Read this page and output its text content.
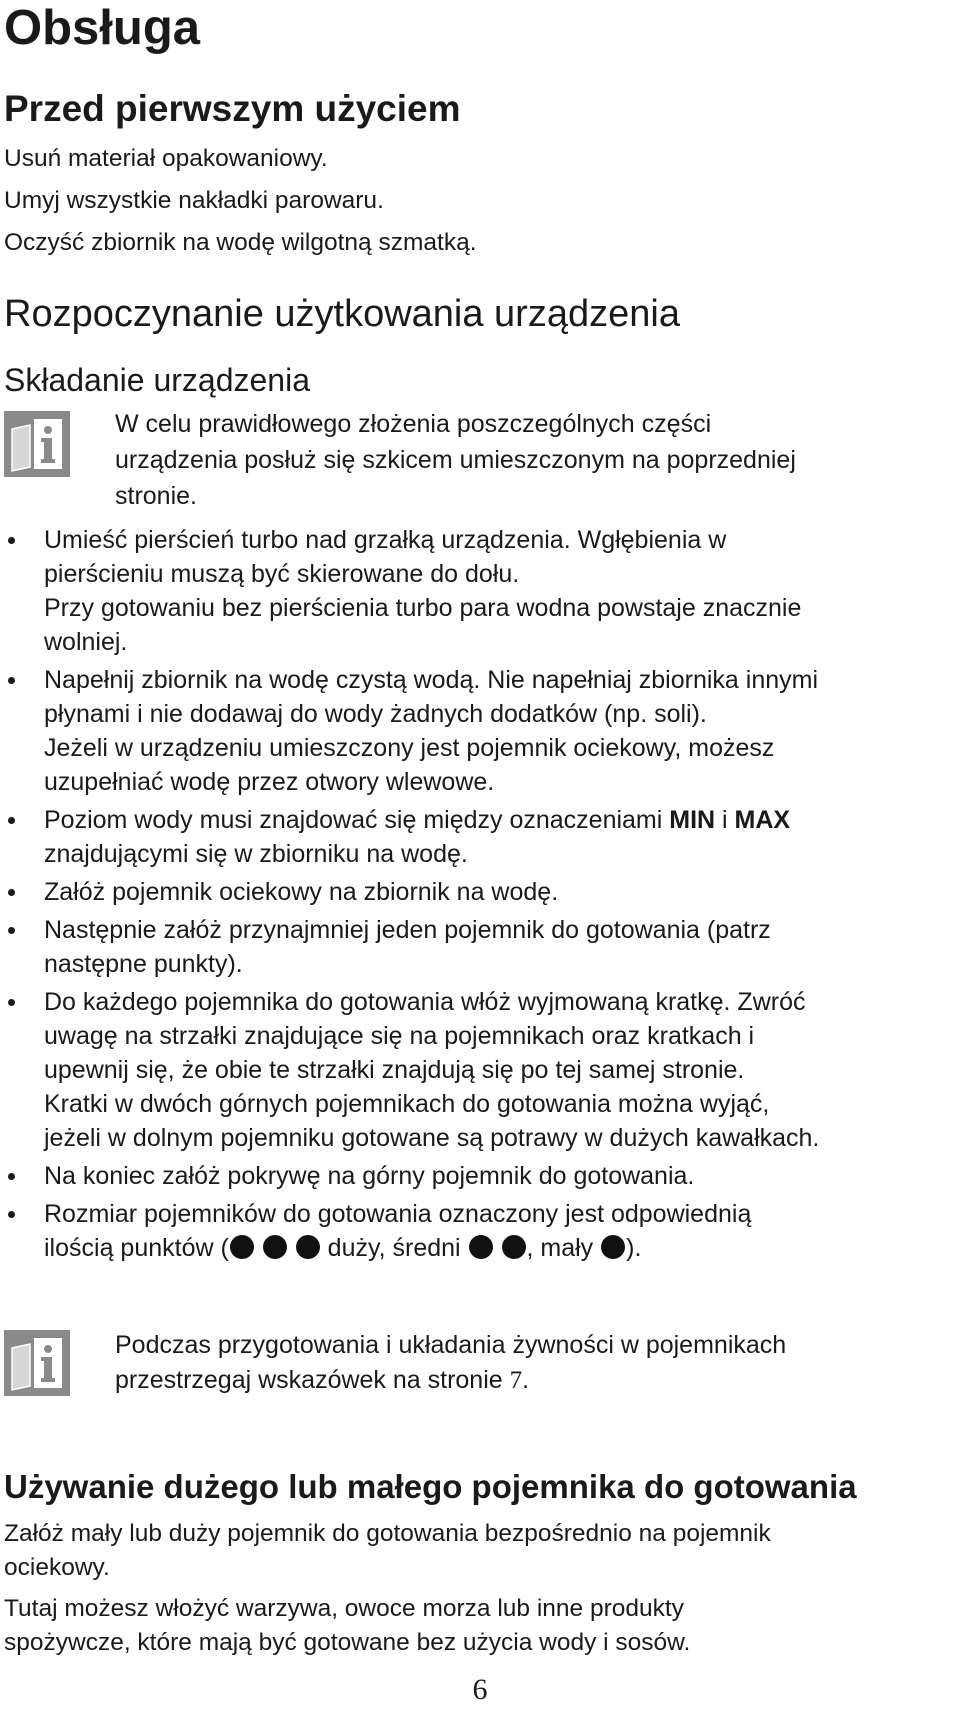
Obsługa
Przed pierwszym użyciem

Usuń materiał opakowaniowy.

Umyj wszystkie nakładki parowaru.

Oczyść zbiornik na wodę wilgotną szmatką.

Rozpoczynanie użytkowania urządzenia
Składanie urządzenia

W celu prawidłowego złożenia poszczególnych części

urządzenia posłuż się szkicem umieszczonym na poprzedniej

stronie.

Umieść pierścień turbo nad grzałką urządzenia. Wgłębienia w
pierścieniu muszą być skierowane do dołu.
Przy gotowaniu bez pierścienia turbo para wodna powstaje znacznie
wolniej.
Napełnij zbiornik na wodę czystą wodą. Nie napełniaj zbiornika innymi
płynami i nie dodawaj do wody żadnych dodatków (np. soli).
Jeżeli w urządzeniu umieszczony jest pojemnik ociekowy, możesz
uzupełniać wodę przez otwory wlewowe.
Poziom wody musi znajdować się między oznaczeniami MIN i MAX
znajdującymi się w zbiorniku na wodę.
Załóż pojemnik ociekowy na zbiornik na wodę.
Następnie załóż przynajmniej jeden pojemnik do gotowania (patrz
następne punkty).
Do każdego pojemnika do gotowania włóż wyjmowaną kratkę. Zwróć
uwagę na strzałki znajdujące się na pojemnikach oraz kratkach i
upewnij się, że obie te strzałki znajdują się po tej samej stronie.
Kratki w dwóch górnych pojemnikach do gotowania można wyjąć,
jeżeli w dolnym pojemniku gotowane są potrawy w dużych kawałkach.
Na koniec załóż pokrywę na górny pojemnik do gotowania.
Rozmiar pojemników do gotowania oznaczony jest odpowiednią
ilością punktów (	duży, średni  , mały ).

Podczas przygotowania i układania żywności w pojemnikach

przestrzegaj wskazówek na stronie 7.

Używanie dużego lub małego pojemnika do gotowania

Załóż mały lub duży pojemnik do gotowania bezpośrednio na pojemnik

ociekowy.

Tutaj możesz włożyć warzywa, owoce morza lub inne produkty

spożywcze, które mają być gotowane bez użycia wody i sosów.

6
